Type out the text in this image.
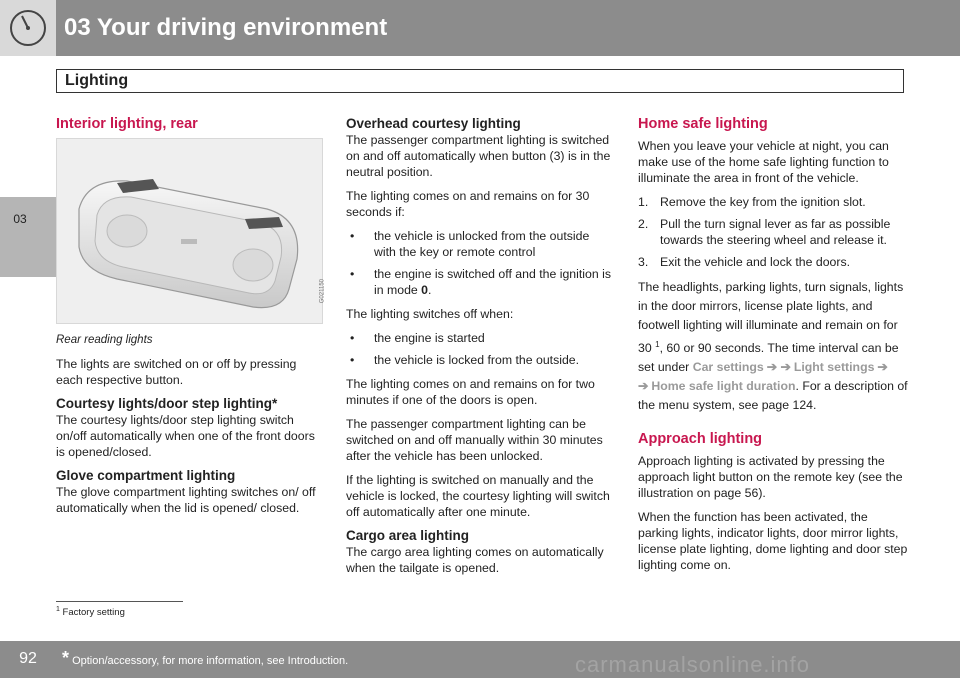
03 Your driving environment
Lighting
03
Interior lighting, rear
G021150

Rear reading lights

The lights are switched on or off by pressing each respective button.

Courtesy lights/door step lighting*

The courtesy lights/door step lighting switch on/off automatically when one of the front doors is opened/closed.

Glove compartment lighting

The glove compartment lighting switches on/ off automatically when the lid is opened/ closed.

Overhead courtesy lighting

The passenger compartment lighting is switched on and off automatically when button (3) is in the neutral position.

The lighting comes on and remains on for 30 seconds if:

• the vehicle is unlocked from the outside with the key or remote control
• the engine is switched off and the ignition is in mode 0.

The lighting switches off when:

• the engine is started
• the vehicle is locked from the outside.

The lighting comes on and remains on for two minutes if one of the doors is open.

The passenger compartment lighting can be switched on and off manually within 30 minutes after the vehicle has been unlocked.

If the lighting is switched on manually and the vehicle is locked, the courtesy lighting will switch off automatically after one minute.

Cargo area lighting

The cargo area lighting comes on automatically when the tailgate is opened.

Home safe lighting

When you leave your vehicle at night, you can make use of the home safe lighting function to illuminate the area in front of the vehicle.

1. Remove the key from the ignition slot.
2. Pull the turn signal lever as far as possible towards the steering wheel and release it.
3. Exit the vehicle and lock the doors.

The headlights, parking lights, turn signals, lights in the door mirrors, license plate lights, and footwell lighting will illuminate and remain on for 30 $^1$, 60 or 90 seconds. The time interval can be set under Car settings ➔ ➔ Light settings ➔ ➔ Home safe light duration. For a description of the menu system, see page 124.

Approach lighting

Approach lighting is activated by pressing the approach light button on the remote key (see the illustration on page 56).

When the function has been activated, the parking lights, indicator lights, door mirror lights, license plate lighting, dome lighting and door step lighting come on.

$^1$ Factory setting
92	* Option/accessory, for more information, see Introduction.	carmanualsonline.info
